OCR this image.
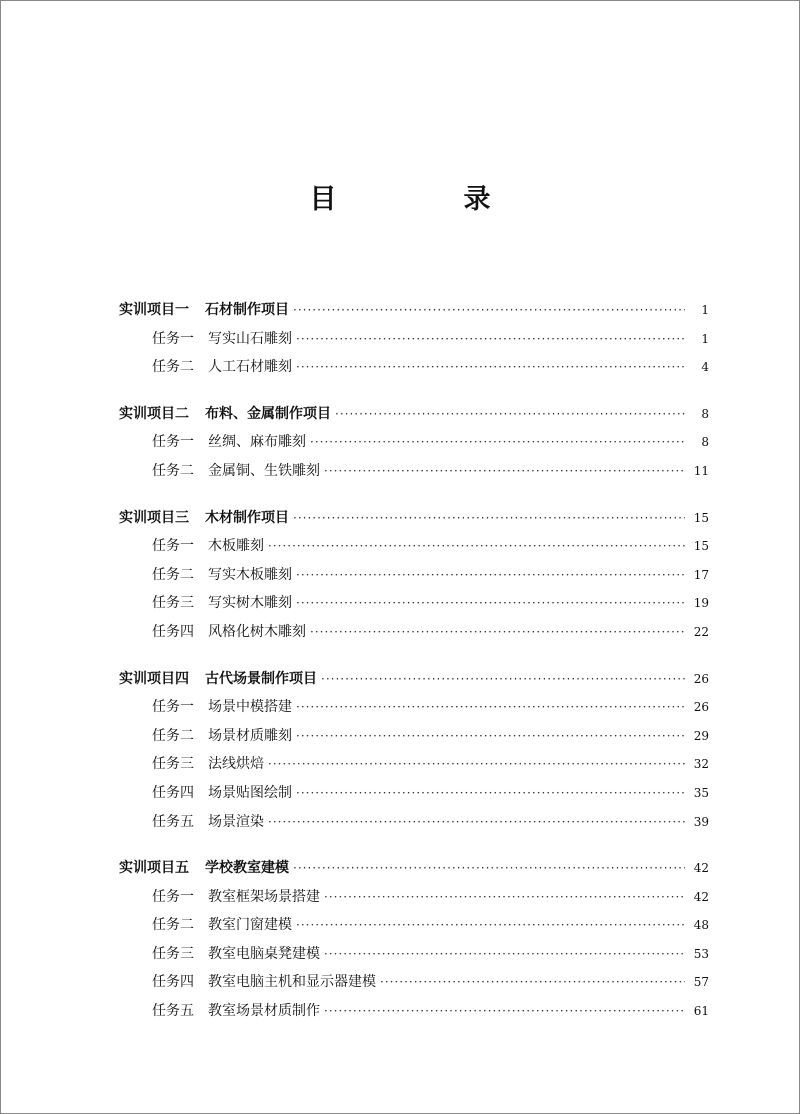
目　录
实训项目一 石材制作项目 ·····	1
任务一 写实山石雕刻 ·····	1
任务二 人工石材雕刻 ·····	4
实训项目二 布料、金属制作项目 ·····	8
任务一 丝绸、麻布雕刻 ·····	8
任务二 金属铜、生铁雕刻 ·····	11
实训项目三 木材制作项目 ·····	15
任务一 木板雕刻 ·····	15
任务二 写实木板雕刻 ·····	17
任务三 写实树木雕刻 ·····	19
任务四 风格化树木雕刻 ·····	22
实训项目四 古代场景制作项目 ·····	26
任务一 场景中模搭建 ·····	26
任务二 场景材质雕刻 ·····	29
任务三 法线烘焙 ·····	32
任务四 场景贴图绘制 ·····	35
任务五 场景渲染 ·····	39
实训项目五 学校教室建模 ·····	42
任务一 教室框架场景搭建 ·····	42
任务二 教室门窗建模 ·····	48
任务三 教室电脑桌凳建模 ·····	53
任务四 教室电脑主机和显示器建模 ·····	57
任务五 教室场景材质制作 ·····	61
